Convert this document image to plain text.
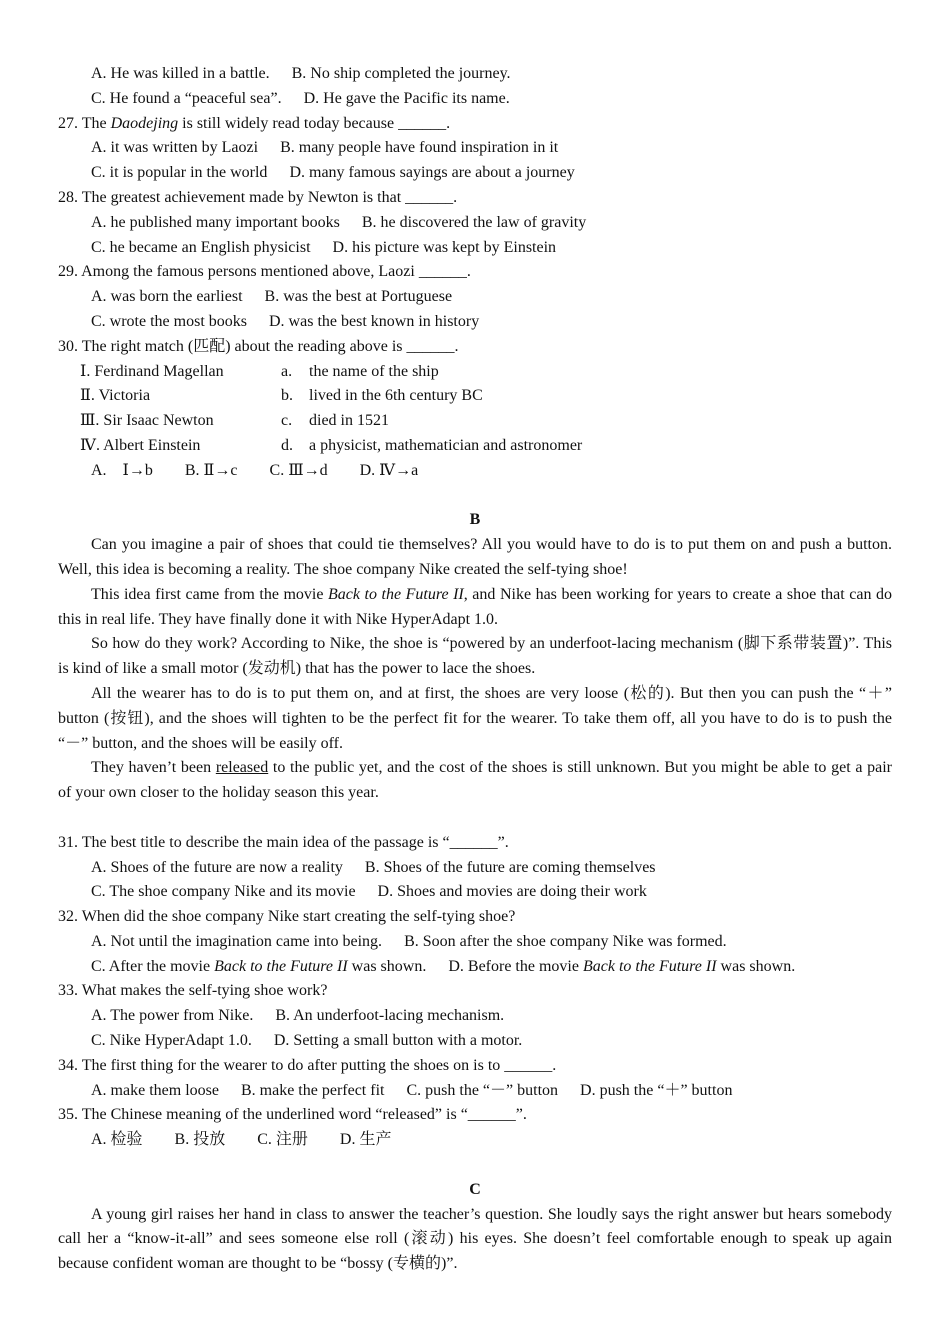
A. He was killed in a battle. B. No ship completed the journey.
C. He found a “peaceful sea”. D. He gave the Pacific its name.
27. The Daodejing is still widely read today because ______.
A. it was written by Laozi B. many people have found inspiration in it
C. it is popular in the world D. many famous sayings are about a journey
28. The greatest achievement made by Newton is that ______.
A. he published many important books B. he discovered the law of gravity
C. he became an English physicist D. his picture was kept by Einstein
29. Among the famous persons mentioned above, Laozi ______.
A. was born the earliest B. was the best at Portuguese
C. wrote the most books D. was the best known in history
30. The right match (匹配) about the reading above is ______.
Ⅰ. Ferdinand Magellan	a.	the name of the ship
Ⅱ. Victoria	b.	lived in the 6th century BC
Ⅲ. Sir Isaac Newton	c.	died in 1521
Ⅳ. Albert Einstein	d.	a physicist, mathematician and astronomer
A.　Ⅰ→b　　B. Ⅱ→c　　C. Ⅲ→d　　D. Ⅳ→a
B
Can you imagine a pair of shoes that could tie themselves? All you would have to do is to put them on and push a button. Well, this idea is becoming a reality. The shoe company Nike created the self-tying shoe!
This idea first came from the movie Back to the Future II, and Nike has been working for years to create a shoe that can do this in real life. They have finally done it with Nike HyperAdapt 1.0.
So how do they work? According to Nike, the shoe is “powered by an underfoot-lacing mechanism (脚下系带装置)”. This is kind of like a small motor (发动机) that has the power to lace the shoes.
All the wearer has to do is to put them on, and at first, the shoes are very loose (松的). But then you can push the “＋” button (按钮), and the shoes will tighten to be the perfect fit for the wearer. To take them off, all you have to do is to push the “－” button, and the shoes will be easily off.
They haven’t been released to the public yet, and the cost of the shoes is still unknown. But you might be able to get a pair of your own closer to the holiday season this year.
31. The best title to describe the main idea of the passage is “______”.
A. Shoes of the future are now a reality B. Shoes of the future are coming themselves
C. The shoe company Nike and its movie D. Shoes and movies are doing their work
32. When did the shoe company Nike start creating the self-tying shoe?
A. Not until the imagination came into being. B. Soon after the shoe company Nike was formed.
C. After the movie Back to the Future II was shown. D. Before the movie Back to the Future II was shown.
33. What makes the self-tying shoe work?
A. The power from Nike. B. An underfoot-lacing mechanism.
C. Nike HyperAdapt 1.0. D. Setting a small button with a motor.
34. The first thing for the wearer to do after putting the shoes on is to ______.
A. make them loose B. make the perfect fit C. push the “－” button D. push the “＋” button
35. The Chinese meaning of the underlined word “released” is “______”.
A. 检验　　B. 投放　　C. 注册　　D. 生产
C
A young girl raises her hand in class to answer the teacher’s question. She loudly says the right answer but hears somebody call her a “know-it-all” and sees someone else roll (滚动) his eyes. She doesn’t feel comfortable enough to speak up again because confident woman are thought to be “bossy (专横的)”.
